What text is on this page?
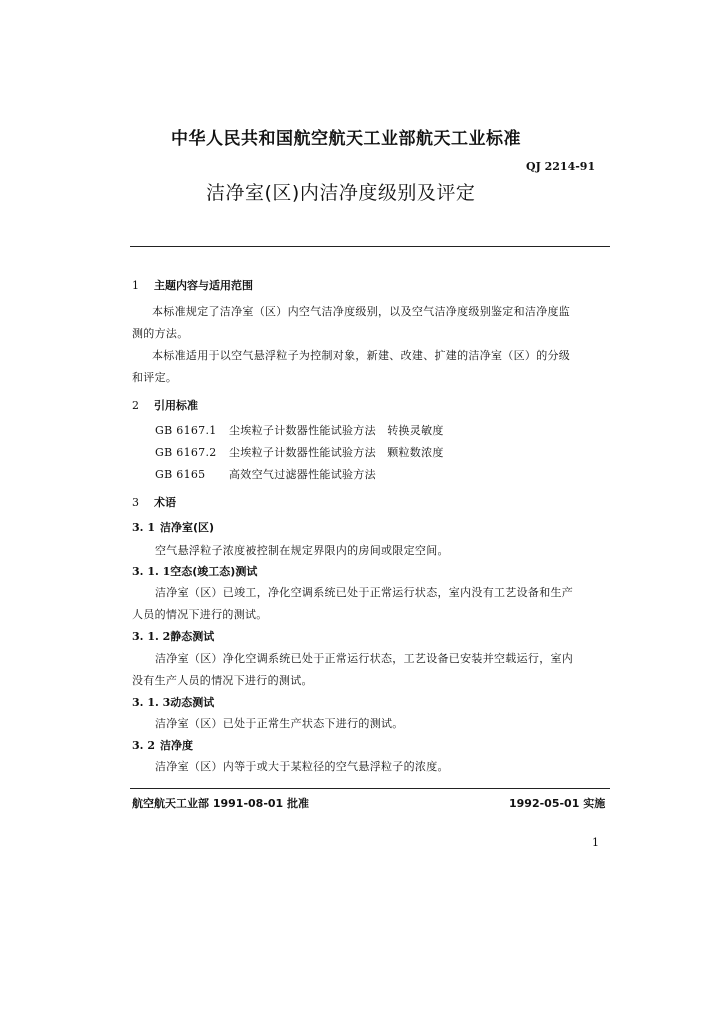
中华人民共和国航空航天工业部航天工业标准
QJ 2214-91
洁净室(区)内洁净度级别及评定
1 主题内容与适用范围
本标准规定了洁净室（区）内空气洁净度级别，以及空气洁净度级别鉴定和洁净度监
测的方法。
本标准适用于以空气悬浮粒子为控制对象，新建、改建、扩建的洁净室（区）的分级
和评定。
2 引用标准
GB 6167.1 尘埃粒子计数器性能试验方法　转换灵敏度
GB 6167.2 尘埃粒子计数器性能试验方法　颗粒数浓度
GB 6165 高效空气过滤器性能试验方法
3 术语
3. 1 洁净室(区)
空气悬浮粒子浓度被控制在规定界限内的房间或限定空间。
3. 1. 1空态(竣工态)测试
洁净室（区）已竣工，净化空调系统已处于正常运行状态，室内没有工艺设备和生产
人员的情况下进行的测试。
3. 1. 2静态测试
洁净室（区）净化空调系统已处于正常运行状态，工艺设备已安装并空载运行，室内
没有生产人员的情况下进行的测试。
3. 1. 3动态测试
洁净室（区）已处于正常生产状态下进行的测试。
3. 2 洁净度
洁净室（区）内等于或大于某粒径的空气悬浮粒子的浓度。
航空航天工业部 1991-08-01 批准	1992-05-01 实施
1
